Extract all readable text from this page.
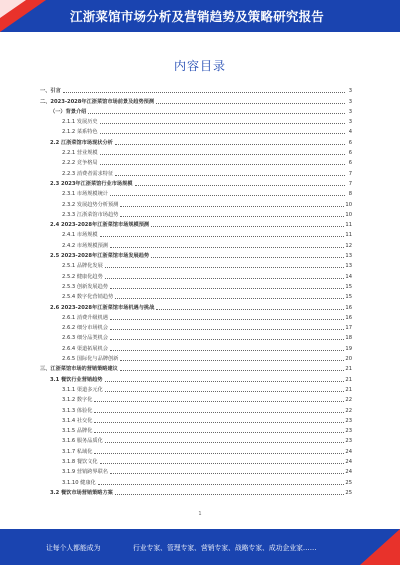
江浙菜馆市场分析及营销趋势及策略研究报告
内容目录
一、引言	3
二、2023-2028年江浙菜馆市场前景及趋势预测	3
（一）背景介绍	3
2.1.1 发展历史	3
2.1.2 菜系特色	4
2.2 江浙菜馆市场现状分析	6
2.2.1 营业规模	6
2.2.2 竞争格局	6
2.2.3 消费者需求特征	7
2.3 2023年江浙菜馆行业市场规模	7
2.3.1 市场规模统计	8
2.3.2 发展趋势分析预测	10
2.3.3 江浙菜馆市场趋势	10
2.4 2023-2028年江浙菜馆市场规模预测	11
2.4.1 市场规模	11
2.4.2 市场规模预测	12
2.5 2023-2028年江浙菜馆市场发展趋势	13
2.5.1 品牌化发展	13
2.5.2 健康化趋势	14
2.5.3 创新发展趋势	15
2.5.4 数字化营销趋势	15
2.6 2023-2028年江浙菜馆市场机遇与挑战	16
2.6.1 消费升级机遇	16
2.6.2 细分市场机会	17
2.6.3 细分品类机会	18
2.6.4 渠道拓展机会	19
2.6.5 国际化与品牌创新	20
三、江浙菜馆市场的营销策略建议	21
3.1 餐饮行业营销趋势	21
3.1.1 渠道多元化	21
3.1.2 数字化	22
3.1.3 体验化	22
3.1.4 社交化	23
3.1.5 品牌化	23
3.1.6 服务品质化	23
3.1.7 私域化	24
3.1.8 餐饮文化	24
3.1.9 营销跨界联名	24
3.1.10 健康化	25
3.2 餐饮市场营销策略方案	25
1
让每个人都能成为	行业专家、管理专家、营销专家、战略专家、成功企业家……
